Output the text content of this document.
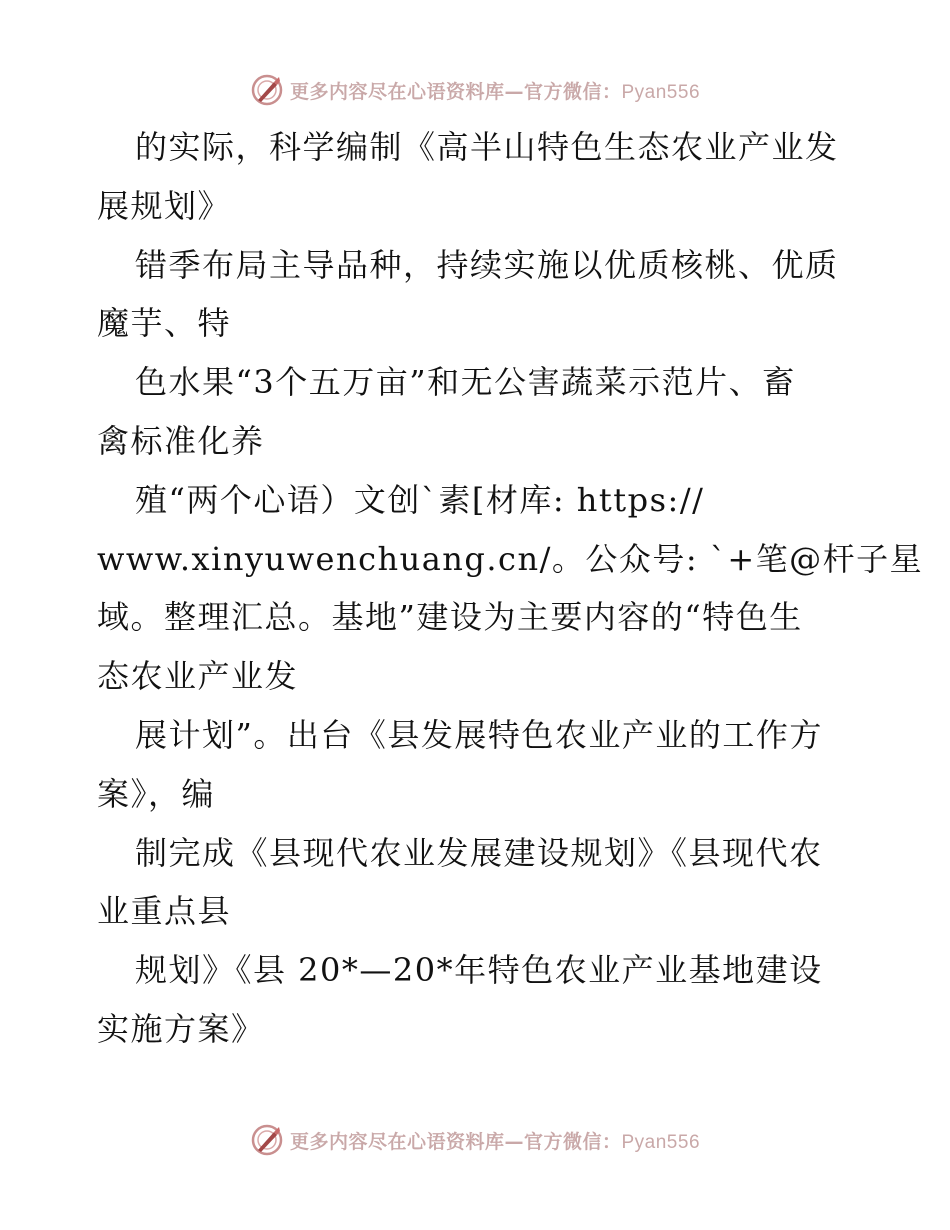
更多内容尽在心语资料库—官方微信：Pyan556
的实际，科学编制《高半山特色生态农业产业发
展规划》
错季布局主导品种，持续实施以优质核桃、优质
魔芋、特
色水果“3个五万亩”和无公害蔬菜示范片、畜
禽标准化养
殖“两个心语）文创`素[材库: https://
www.xinyuwenchuang.cn/。公众号: `+笔@杆子星
域。整理汇总。基地”建设为主要内容的“特色生
态农业产业发
展计划”。出台《县发展特色农业产业的工作方
案》，编
制完成《县现代农业发展建设规划》《县现代农
业重点县
规划》《县 20*—20*年特色农业产业基地建设
实施方案》
更多内容尽在心语资料库—官方微信：Pyan556
